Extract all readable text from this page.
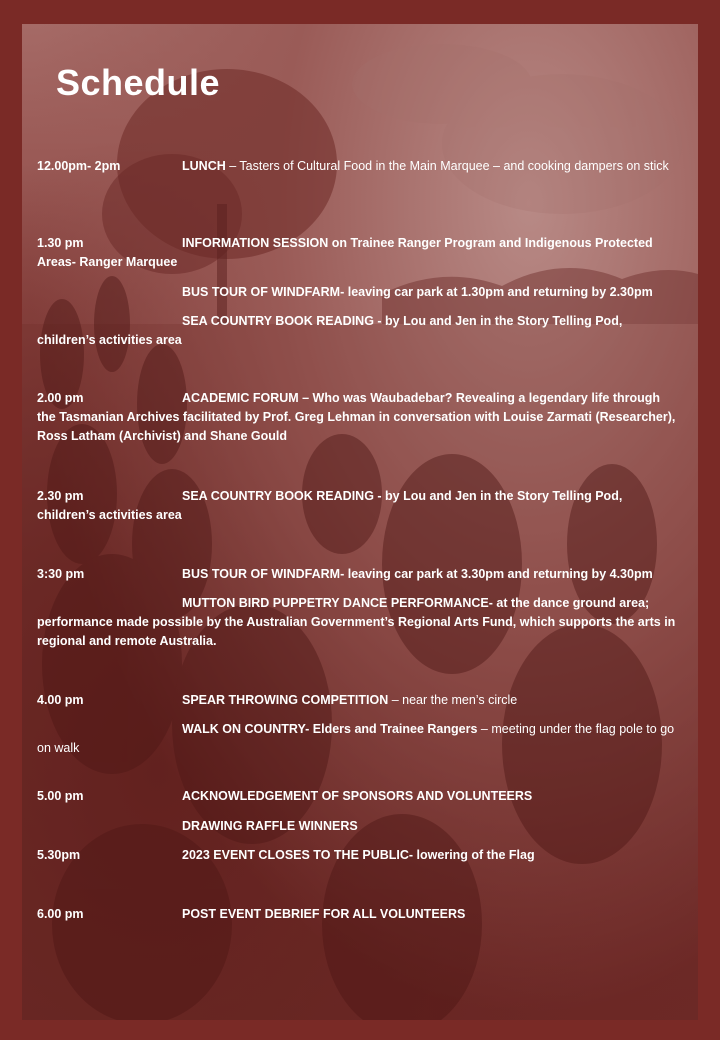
Schedule
12.00pm- 2pm	LUNCH – Tasters of Cultural Food in the Main Marquee – and cooking dampers on stick
1.30 pm	INFORMATION SESSION on Trainee Ranger Program and Indigenous Protected Areas- Ranger Marquee
BUS TOUR OF WINDFARM- leaving car park at 1.30pm and returning by 2.30pm
SEA COUNTRY BOOK READING - by Lou and Jen in the Story Telling Pod, children’s activities area
2.00 pm	ACADEMIC FORUM – Who was Waubadebar? Revealing a legendary life through the Tasmanian Archives facilitated by Prof. Greg Lehman in conversation with Louise Zarmati (Researcher), Ross Latham (Archivist) and Shane Gould
2.30 pm	SEA COUNTRY BOOK READING - by Lou and Jen in the Story Telling Pod, children’s activities area
3:30 pm	BUS TOUR OF WINDFARM- leaving car park at 3.30pm and returning by 4.30pm
MUTTON BIRD PUPPETRY DANCE PERFORMANCE- at the dance ground area; performance made possible by the Australian Government’s Regional Arts Fund, which supports the arts in regional and remote Australia.
4.00 pm	SPEAR THROWING COMPETITION – near the men’s circle
WALK ON COUNTRY- Elders and Trainee Rangers – meeting under the flag pole to go on walk
5.00 pm	ACKNOWLEDGEMENT OF SPONSORS AND VOLUNTEERS
DRAWING RAFFLE WINNERS
5.30pm	2023 EVENT CLOSES TO THE PUBLIC- lowering of the Flag
6.00 pm	POST EVENT DEBRIEF FOR ALL VOLUNTEERS
